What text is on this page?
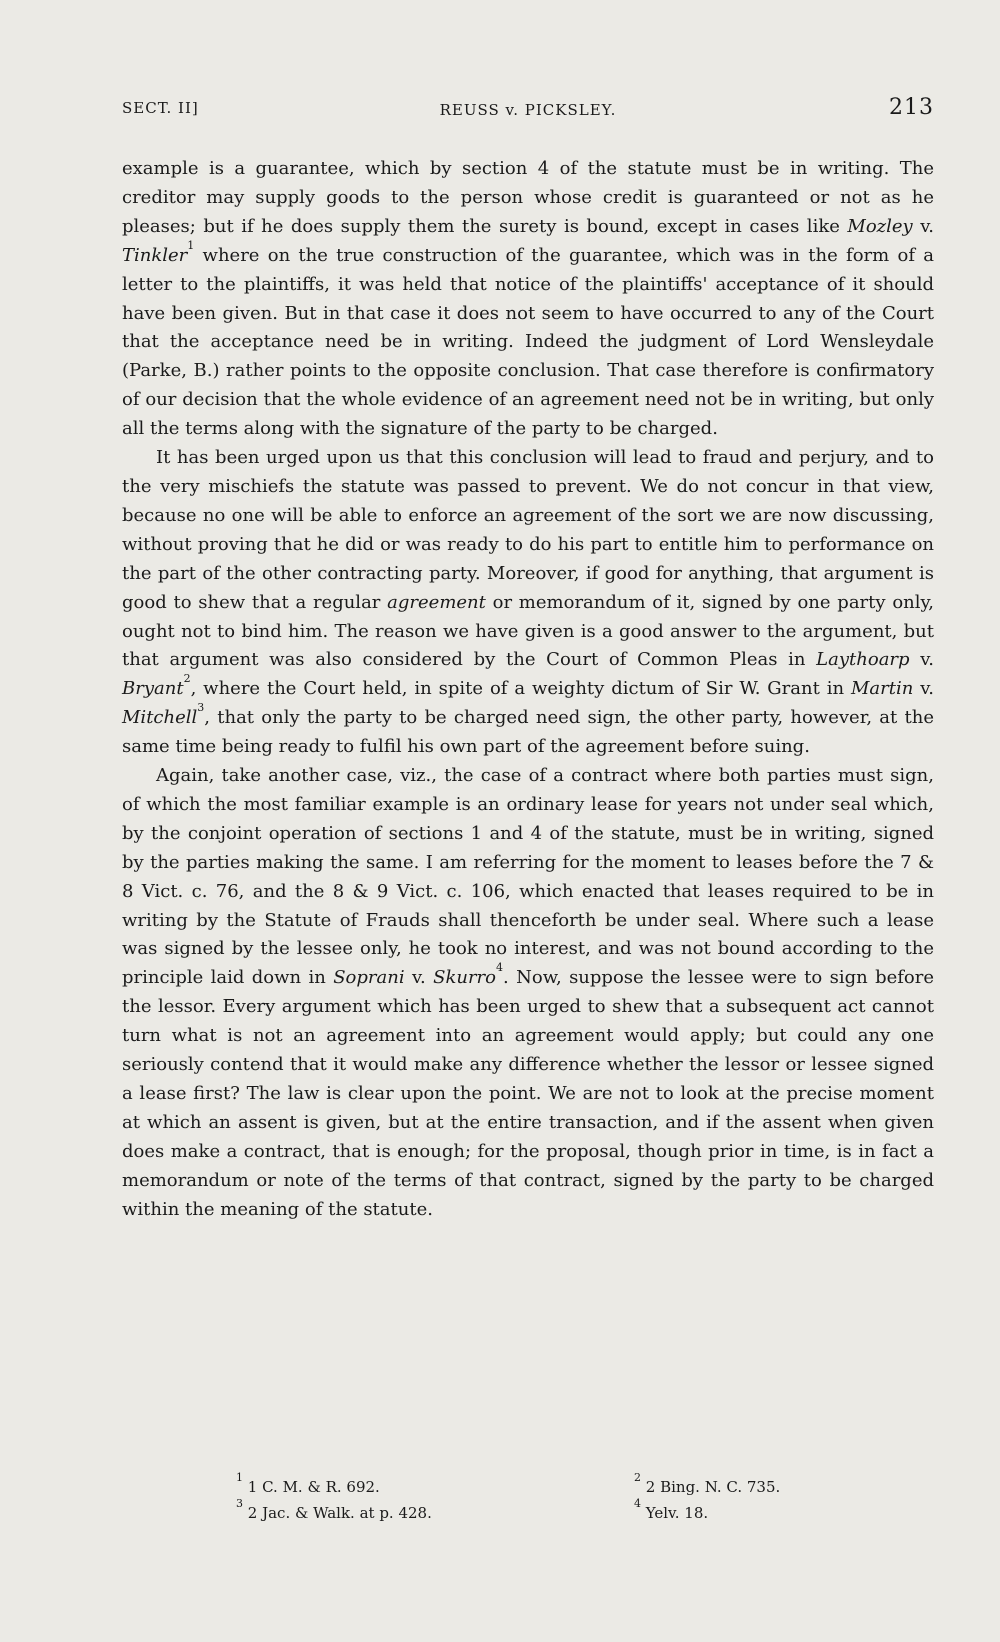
SECT. II]	REUSS v. PICKSLEY.	213

example is a guarantee, which by section 4 of the statute must be in writing. The creditor may supply goods to the person whose credit is guaranteed or not as he pleases; but if he does supply them the surety is bound, except in cases like Mozley v. Tinkler$^1$ where on the true construction of the guarantee, which was in the form of a letter to the plaintiffs, it was held that notice of the plaintiffs' acceptance of it should have been given. But in that case it does not seem to have occurred to any of the Court that the acceptance need be in writing. Indeed the judgment of Lord Wensleydale (Parke, B.) rather points to the opposite conclusion. That case therefore is confirmatory of our decision that the whole evidence of an agreement need not be in writing, but only all the terms along with the signature of the party to be charged.

It has been urged upon us that this conclusion will lead to fraud and perjury, and to the very mischiefs the statute was passed to prevent. We do not concur in that view, because no one will be able to enforce an agreement of the sort we are now discussing, without proving that he did or was ready to do his part to entitle him to performance on the part of the other contracting party. Moreover, if good for anything, that argument is good to shew that a regular agreement or memorandum of it, signed by one party only, ought not to bind him. The reason we have given is a good answer to the argument, but that argument was also considered by the Court of Common Pleas in Laythoarp v. Bryant$^2$, where the Court held, in spite of a weighty dictum of Sir W. Grant in Martin v. Mitchell$^3$, that only the party to be charged need sign, the other party, however, at the same time being ready to fulfil his own part of the agreement before suing.

Again, take another case, viz., the case of a contract where both parties must sign, of which the most familiar example is an ordinary lease for years not under seal which, by the conjoint operation of sections 1 and 4 of the statute, must be in writing, signed by the parties making the same. I am referring for the moment to leases before the 7 & 8 Vict. c. 76, and the 8 & 9 Vict. c. 106, which enacted that leases required to be in writing by the Statute of Frauds shall thenceforth be under seal. Where such a lease was signed by the lessee only, he took no interest, and was not bound according to the principle laid down in Soprani v. Skurro$^4$. Now, suppose the lessee were to sign before the lessor. Every argument which has been urged to shew that a subsequent act cannot turn what is not an agreement into an agreement would apply; but could any one seriously contend that it would make any difference whether the lessor or lessee signed a lease first? The law is clear upon the point. We are not to look at the precise moment at which an assent is given, but at the entire transaction, and if the assent when given does make a contract, that is enough; for the proposal, though prior in time, is in fact a memorandum or note of the terms of that contract, signed by the party to be charged within the meaning of the statute.

$^1$ 1 C. M. & R. 692.
$^2$ 2 Bing. N. C. 735.
$^3$ 2 Jac. & Walk. at p. 428.
$^4$ Yelv. 18.
